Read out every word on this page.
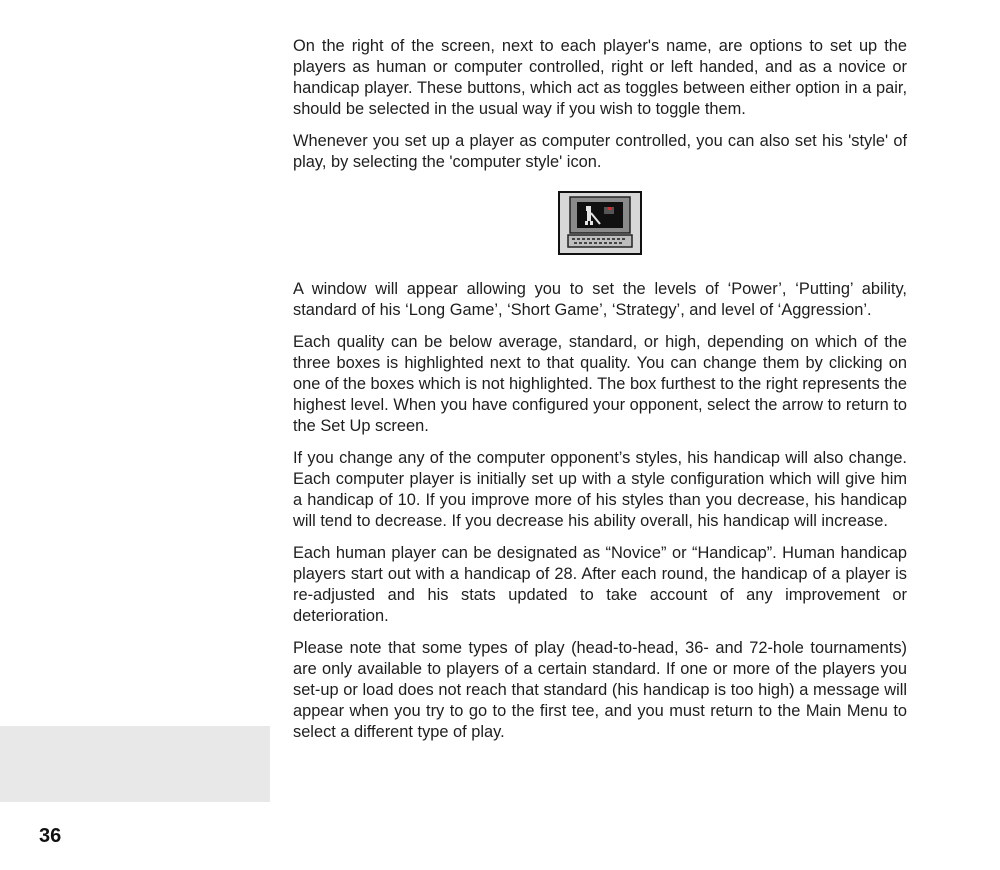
On the right of the screen, next to each player's name, are options to set up the players as human or computer controlled, right or left handed, and as a novice or handicap player. These buttons, which act as toggles between either option in a pair, should be selected in the usual way if you wish to toggle them.

Whenever you set up a player as computer controlled, you can also set his 'style' of play, by selecting the 'computer style' icon.

A window will appear allowing you to set the levels of ‘Power’, ‘Putting’ ability, standard of his ‘Long Game’, ‘Short Game’, ‘Strategy’, and level of ‘Aggression’.

Each quality can be below average, standard, or high, depending on which of the three boxes is highlighted next to that quality. You can change them by clicking on one of the boxes which is not highlighted. The box furthest to the right represents the highest level. When you have configured your opponent, select the arrow to return to the Set Up screen.

If you change any of the computer opponent’s styles, his handicap will also change. Each computer player is initially set up with a style configuration which will give him a handicap of 10. If you improve more of his styles than you decrease, his handicap will tend to decrease. If you decrease his ability overall, his handicap will increase.

Each human player can be designated as “Novice” or “Handicap”. Human handicap players start out with a handicap of 28. After each round, the handicap of a player is re-adjusted and his stats updated to take account of any improvement or deterioration.

Please note that some types of play (head-to-head, 36- and 72-hole tournaments) are only available to players of a certain standard. If one or more of the players you set-up or load does not reach that standard (his handicap is too high) a message will appear when you try to go to the first tee, and you must return to the Main Menu to select a different type of play.

36
